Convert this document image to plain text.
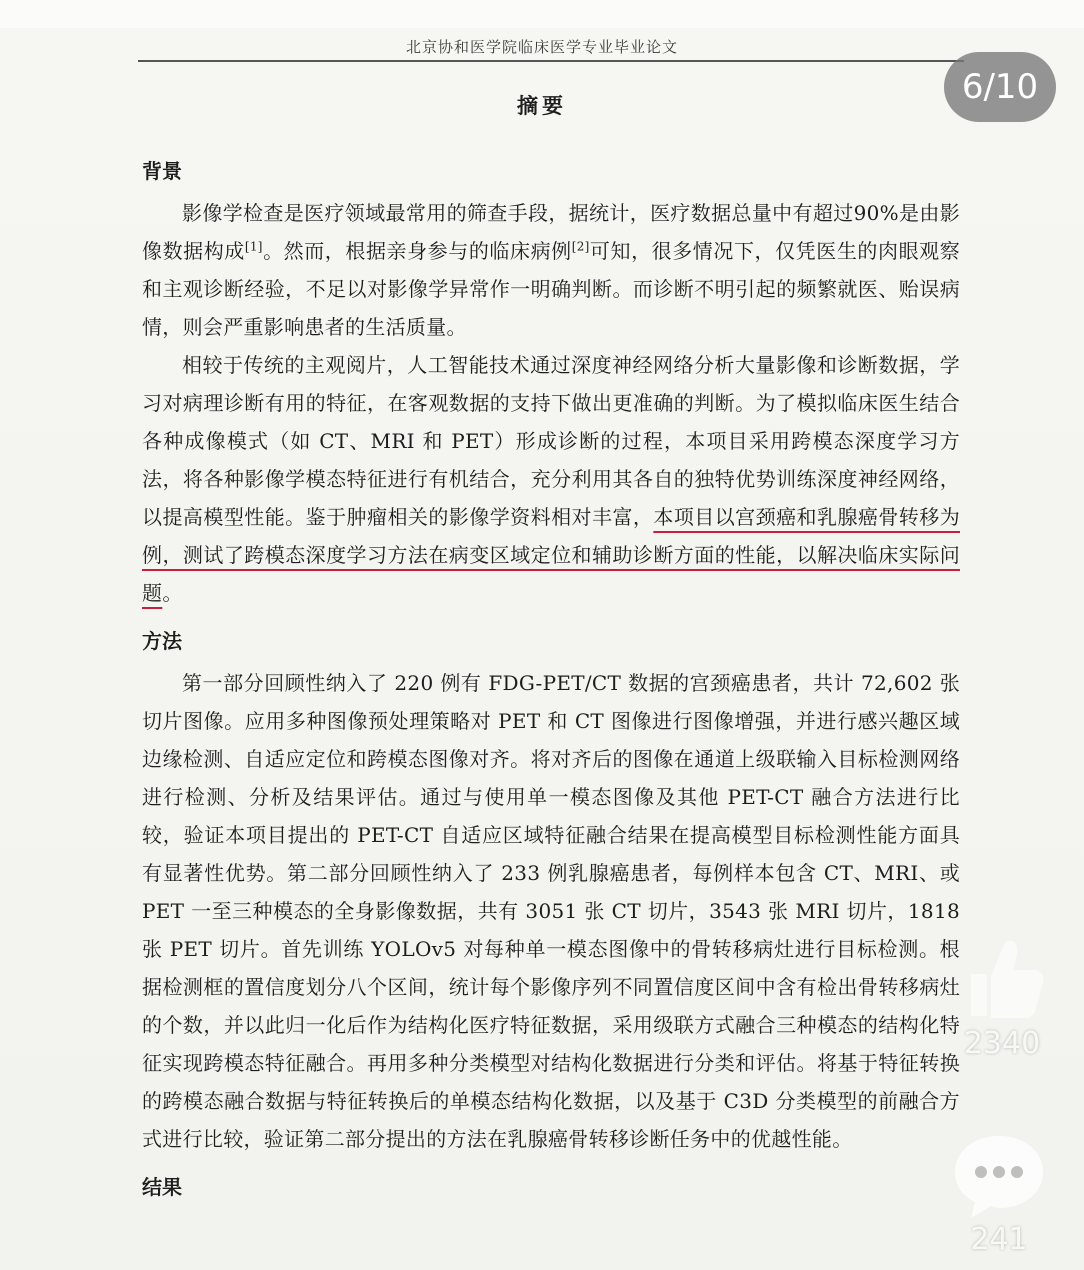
北京协和医学院临床医学专业毕业论文
摘要
背景

影像学检查是医疗领域最常用的筛查手段，据统计，医疗数据总量中有超过90%是由影像数据构成[1]。然而，根据亲身参与的临床病例[2]可知，很多情况下，仅凭医生的肉眼观察和主观诊断经验，不足以对影像学异常作一明确判断。而诊断不明引起的频繁就医、贻误病情，则会严重影响患者的生活质量。

相较于传统的主观阅片，人工智能技术通过深度神经网络分析大量影像和诊断数据，学习对病理诊断有用的特征，在客观数据的支持下做出更准确的判断。为了模拟临床医生结合各种成像模式（如 CT、MRI 和 PET）形成诊断的过程，本项目采用跨模态深度学习方法，将各种影像学模态特征进行有机结合，充分利用其各自的独特优势训练深度神经网络，以提高模型性能。鉴于肿瘤相关的影像学资料相对丰富，本项目以宫颈癌和乳腺癌骨转移为例，测试了跨模态深度学习方法在病变区域定位和辅助诊断方面的性能，以解决临床实际问题。

方法

第一部分回顾性纳入了 220 例有 FDG-PET/CT 数据的宫颈癌患者，共计 72,602 张切片图像。应用多种图像预处理策略对 PET 和 CT 图像进行图像增强，并进行感兴趣区域边缘检测、自适应定位和跨模态图像对齐。将对齐后的图像在通道上级联输入目标检测网络进行检测、分析及结果评估。通过与使用单一模态图像及其他 PET-CT 融合方法进行比较，验证本项目提出的 PET-CT 自适应区域特征融合结果在提高模型目标检测性能方面具有显著性优势。第二部分回顾性纳入了 233 例乳腺癌患者，每例样本包含 CT、MRI、或 PET 一至三种模态的全身影像数据，共有 3051 张 CT 切片，3543 张 MRI 切片，1818 张 PET 切片。首先训练 YOLOv5 对每种单一模态图像中的骨转移病灶进行目标检测。根据检测框的置信度划分八个区间，统计每个影像序列不同置信度区间中含有检出骨转移病灶的个数，并以此归一化后作为结构化医疗特征数据，采用级联方式融合三种模态的结构化特征实现跨模态特征融合。再用多种分类模型对结构化数据进行分类和评估。将基于特征转换的跨模态融合数据与特征转换后的单模态结构化数据，以及基于 C3D 分类模型的前融合方式进行比较，验证第二部分提出的方法在乳腺癌骨转移诊断任务中的优越性能。

结果
6/10
2340
241
